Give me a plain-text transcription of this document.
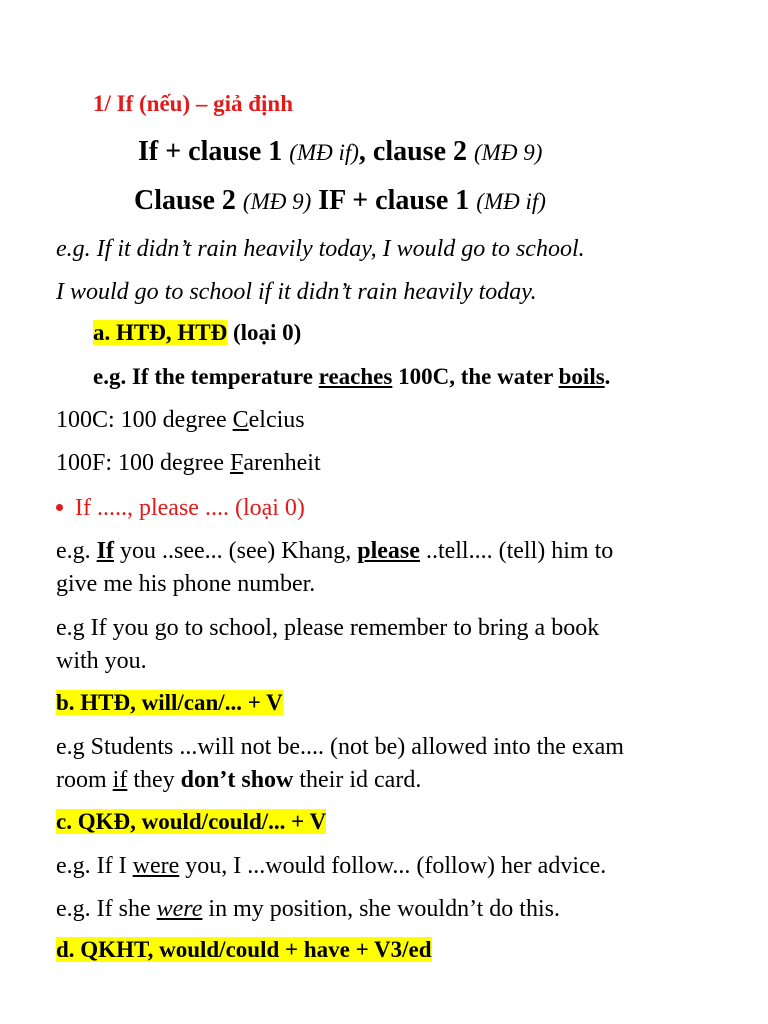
1/ If (nếu) – giả định
If + clause 1 (MĐ if), clause 2 (MĐ 9)
Clause 2 (MĐ 9) IF + clause 1 (MĐ if)
e.g. If it didn’t rain heavily today, I would go to school.
I would go to school if it didn’t rain heavily today.
a. HTĐ, HTĐ (loại 0)
e.g. If the temperature reaches 100C, the water boils.
100C: 100 degree Celcius
100F: 100 degree Farenheit
If ....., please .... (loại 0)
e.g. If you ..see... (see) Khang, please ..tell.... (tell) him to
give me his phone number.
e.g If you go to school, please remember to bring a book
with you.
b. HTĐ, will/can/... + V
e.g Students ...will not be.... (not be) allowed into the exam
room if they don’t show their id card.
c. QKĐ, would/could/... + V
e.g. If I were you, I ...would follow... (follow) her advice.
e.g. If she were in my position, she wouldn’t do this.
d. QKHT, would/could + have + V3/ed
